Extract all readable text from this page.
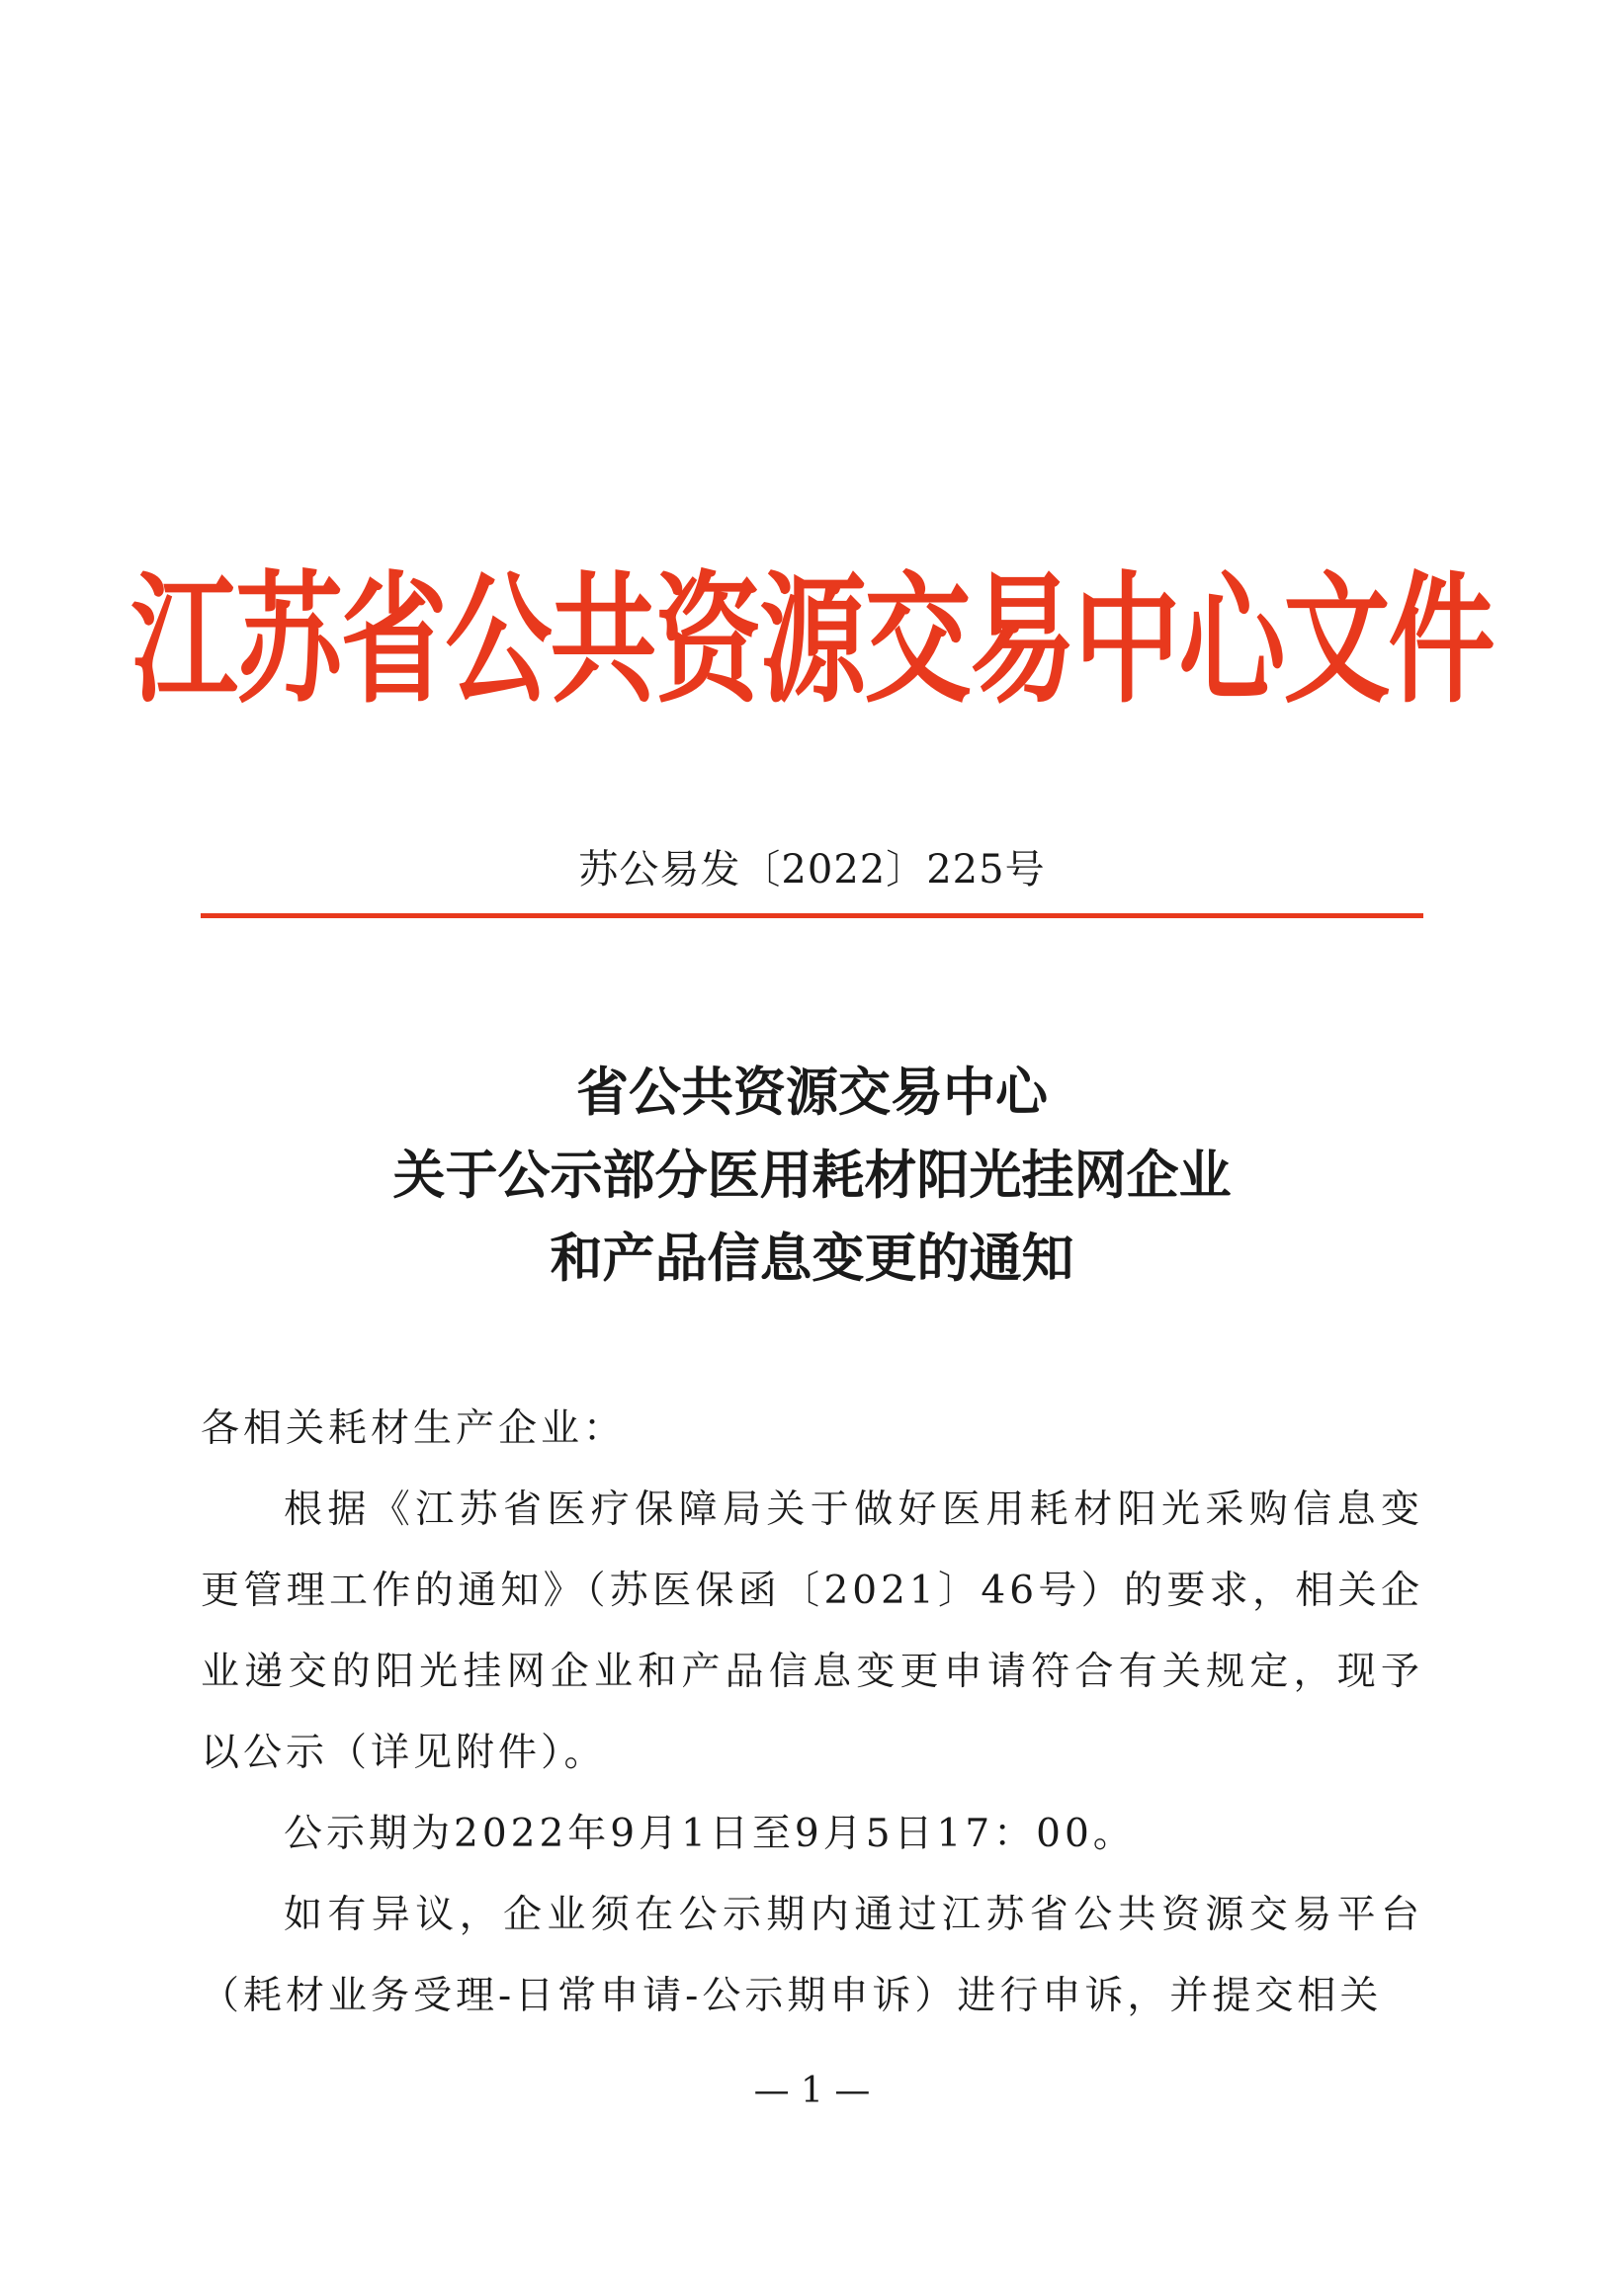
江苏省公共资源交易中心文件
苏公易发〔2022〕225号
省公共资源交易中心
关于公示部分医用耗材阳光挂网企业
和产品信息变更的通知

各相关耗材生产企业：

根据《江苏省医疗保障局关于做好医用耗材阳光采购信息变更管理工作的通知》（苏医保函〔2021〕46号）的要求，相关企业递交的阳光挂网企业和产品信息变更申请符合有关规定，现予以公示（详见附件）。

公示期为2022年9月1日至9月5日17：00。

如有异议，企业须在公示期内通过江苏省公共资源交易平台（耗材业务受理-日常申请-公示期申诉）进行申诉，并提交相关

— 1 —
